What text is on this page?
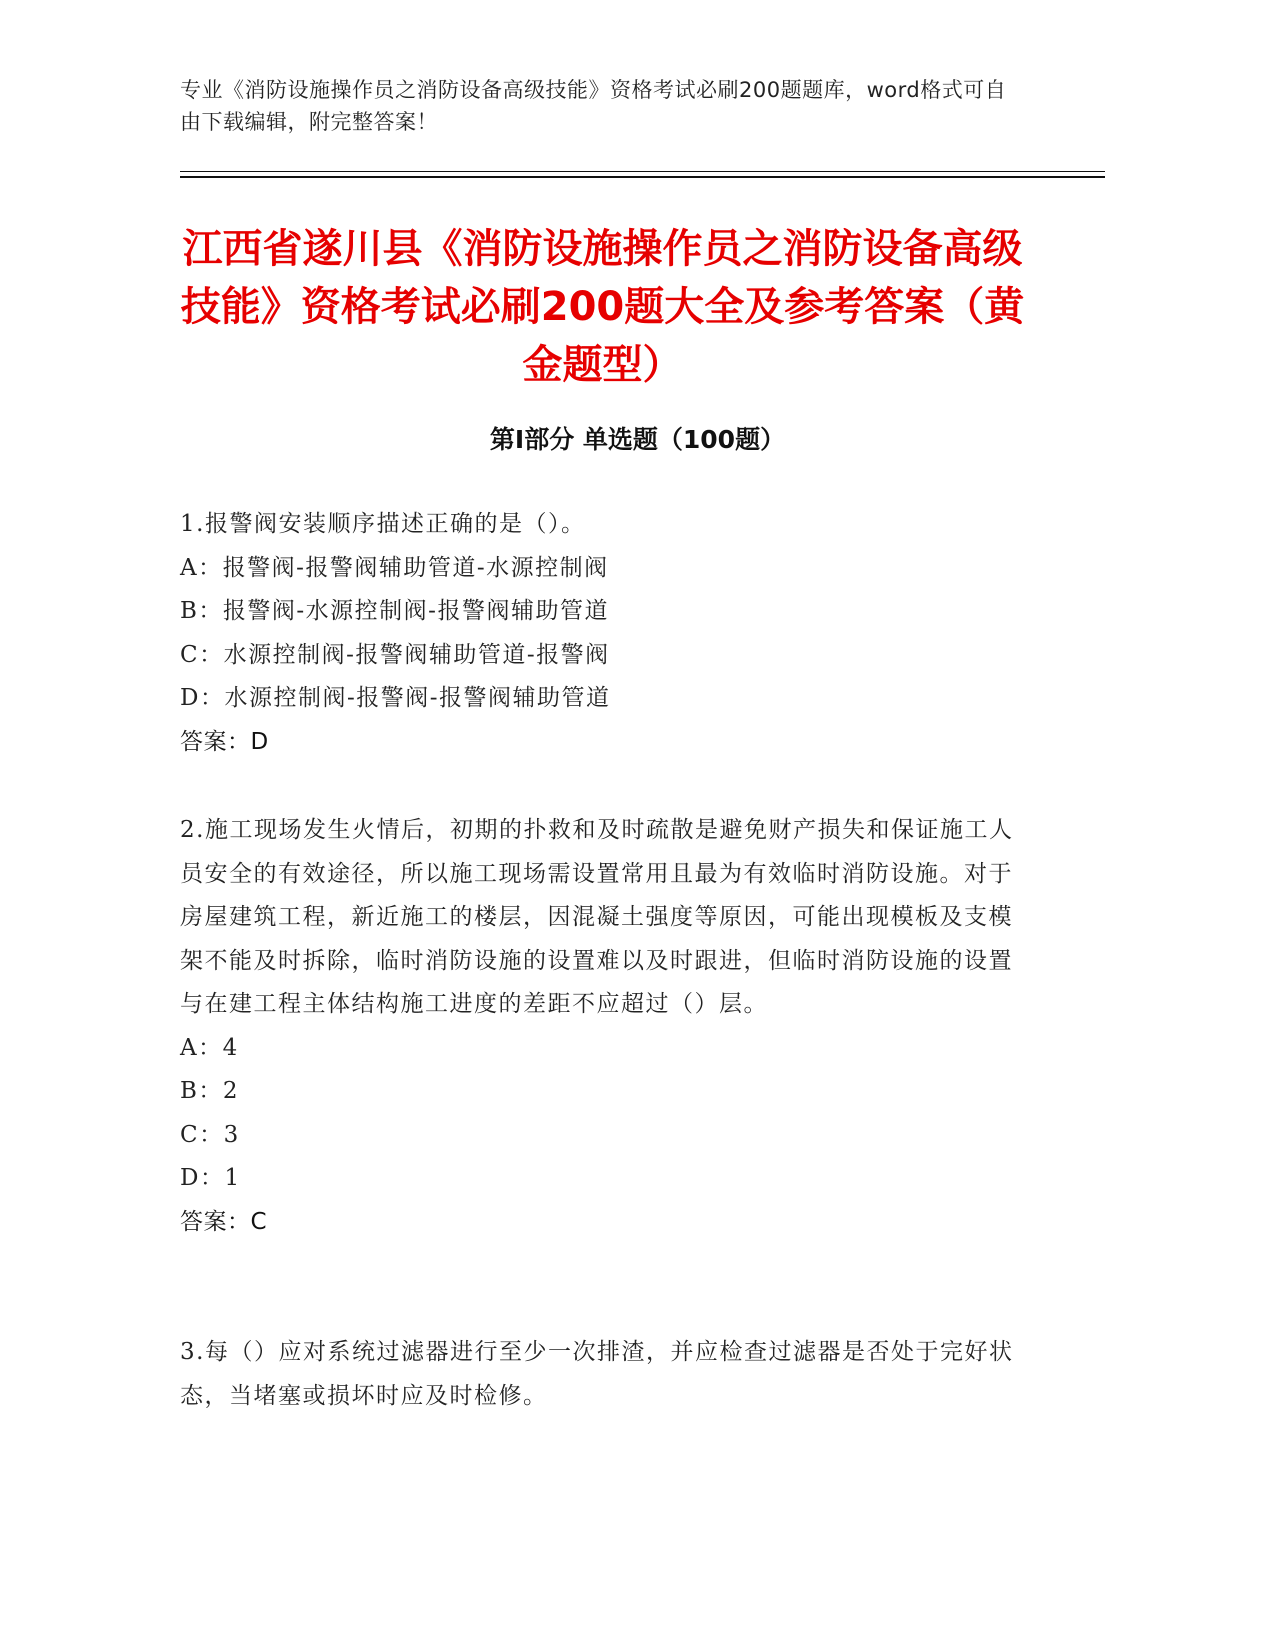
专业《消防设施操作员之消防设备高级技能》资格考试必刷200题题库，word格式可自由下载编辑，附完整答案！
江西省遂川县《消防设施操作员之消防设备高级技能》资格考试必刷200题大全及参考答案（黄金题型）
第Ⅰ部分 单选题（100题）

1.报警阀安装顺序描述正确的是（）。

A：报警阀-报警阀辅助管道-水源控制阀

B：报警阀-水源控制阀-报警阀辅助管道

C：水源控制阀-报警阀辅助管道-报警阀

D：水源控制阀-报警阀-报警阀辅助管道

答案：D

2.施工现场发生火情后，初期的扑救和及时疏散是避免财产损失和保证施工人员安全的有效途径，所以施工现场需设置常用且最为有效临时消防设施。对于房屋建筑工程，新近施工的楼层，因混凝土强度等原因，可能出现模板及支模架不能及时拆除，临时消防设施的设置难以及时跟进，但临时消防设施的设置与在建工程主体结构施工进度的差距不应超过（）层。

A：4

B：2

C：3

D：1

答案：C

3.每（）应对系统过滤器进行至少一次排渣，并应检查过滤器是否处于完好状态，当堵塞或损坏时应及时检修。
